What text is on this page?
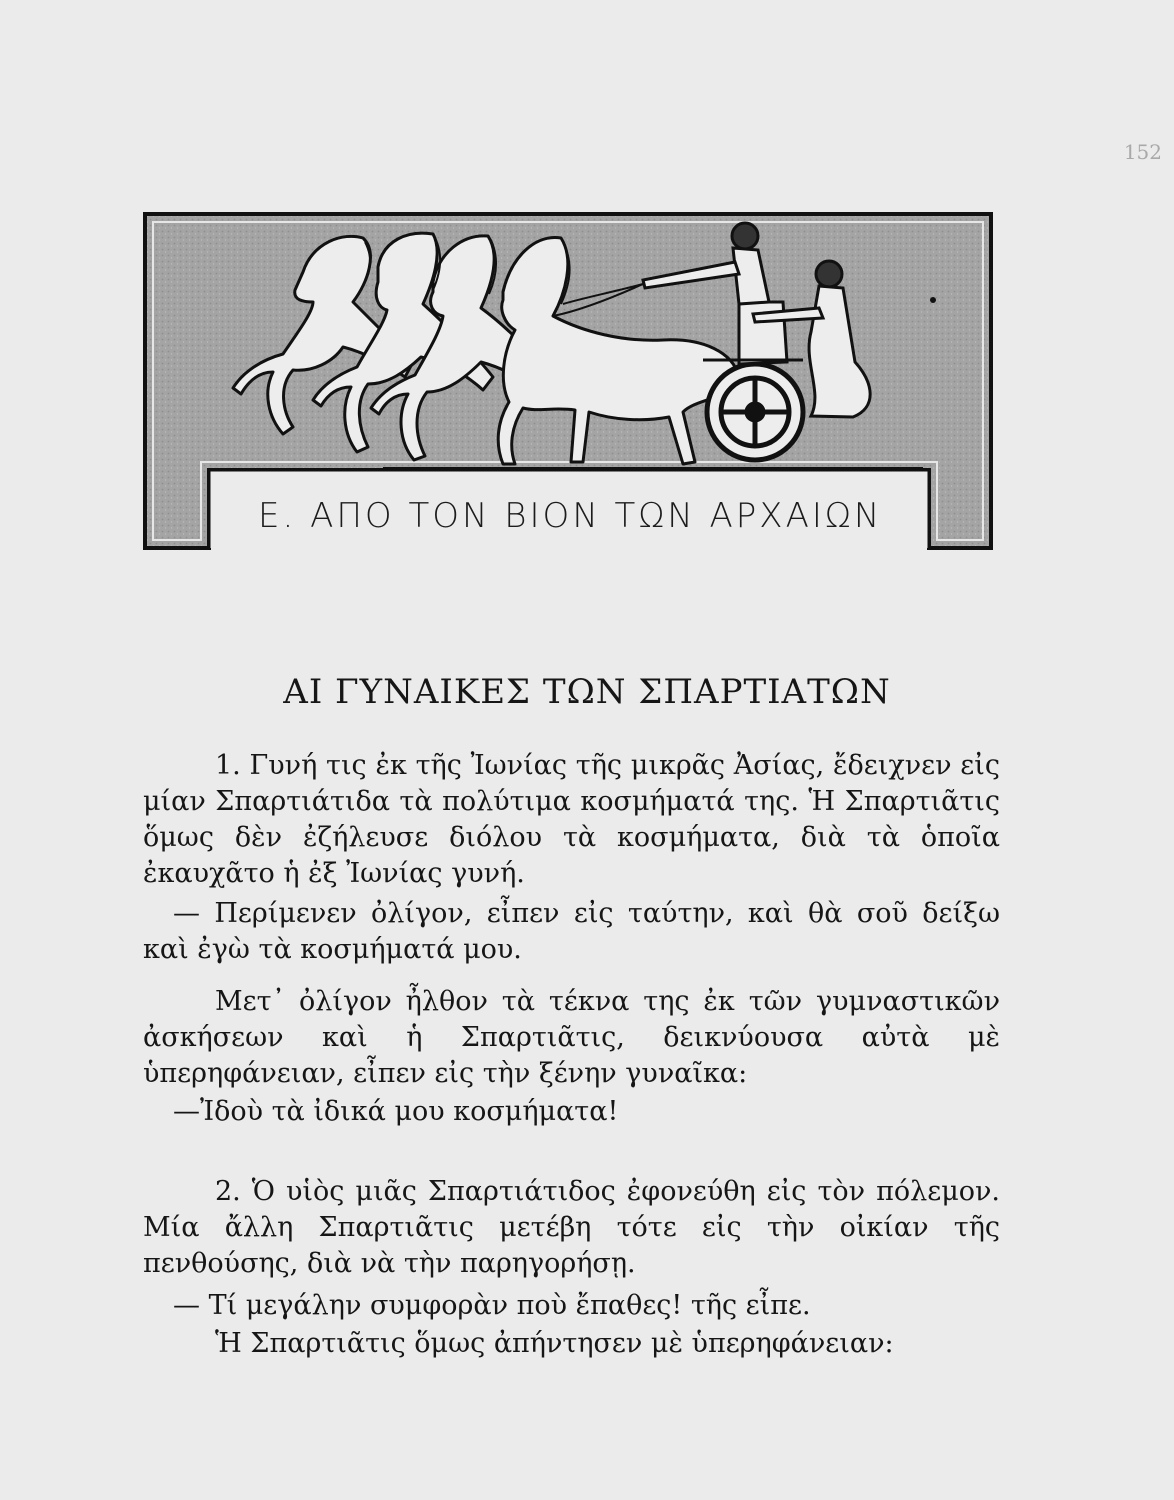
152
Ε. ΑΠΟ ΤΟΝ ΒΙΟΝ ΤΩΝ ΑΡΧΑΙΩΝ
ΑΙ ΓΥΝΑΙΚΕΣ ΤΩΝ ΣΠΑΡΤΙΑΤΩΝ

1. Γυνή τις ἐκ τῆς Ἰωνίας τῆς μικρᾶς Ἀσίας, ἔδειχνεν εἰς μίαν Σπαρτιάτιδα τὰ πολύτιμα κοσμήματά της. Ἡ Σπαρτιᾶτις ὅμως δὲν ἐζήλευσε διόλου τὰ κοσμήματα, διὰ τὰ ὁποῖα ἐκαυχᾶτο ἡ ἐξ Ἰωνίας γυνή.

— Περίμενεν ὀλίγον, εἶπεν εἰς ταύτην, καὶ θὰ σοῦ δείξω καὶ ἐγὼ τὰ κοσμήματά μου.

Μετ᾽ ὀλίγον ἦλθον τὰ τέκνα της ἐκ τῶν γυμναστικῶν ἀσκήσεων καὶ ἡ Σπαρτιᾶτις, δεικνύουσα αὐτὰ μὲ ὑπερηφάνειαν, εἶπεν εἰς τὴν ξένην γυναῖκα:

—Ἰδοὺ τὰ ἰδικά μου κοσμήματα!

2. Ὁ υἱὸς μιᾶς Σπαρτιάτιδος ἐφονεύθη εἰς τὸν πόλεμον. Μία ἄλλη Σπαρτιᾶτις μετέβη τότε εἰς τὴν οἰκίαν τῆς πενθούσης, διὰ νὰ τὴν παρηγορήσῃ.

— Τί μεγάλην συμφορὰν ποὺ ἔπαθες! τῆς εἶπε.

Ἡ Σπαρτιᾶτις ὅμως ἀπήντησεν μὲ ὑπερηφάνειαν:
